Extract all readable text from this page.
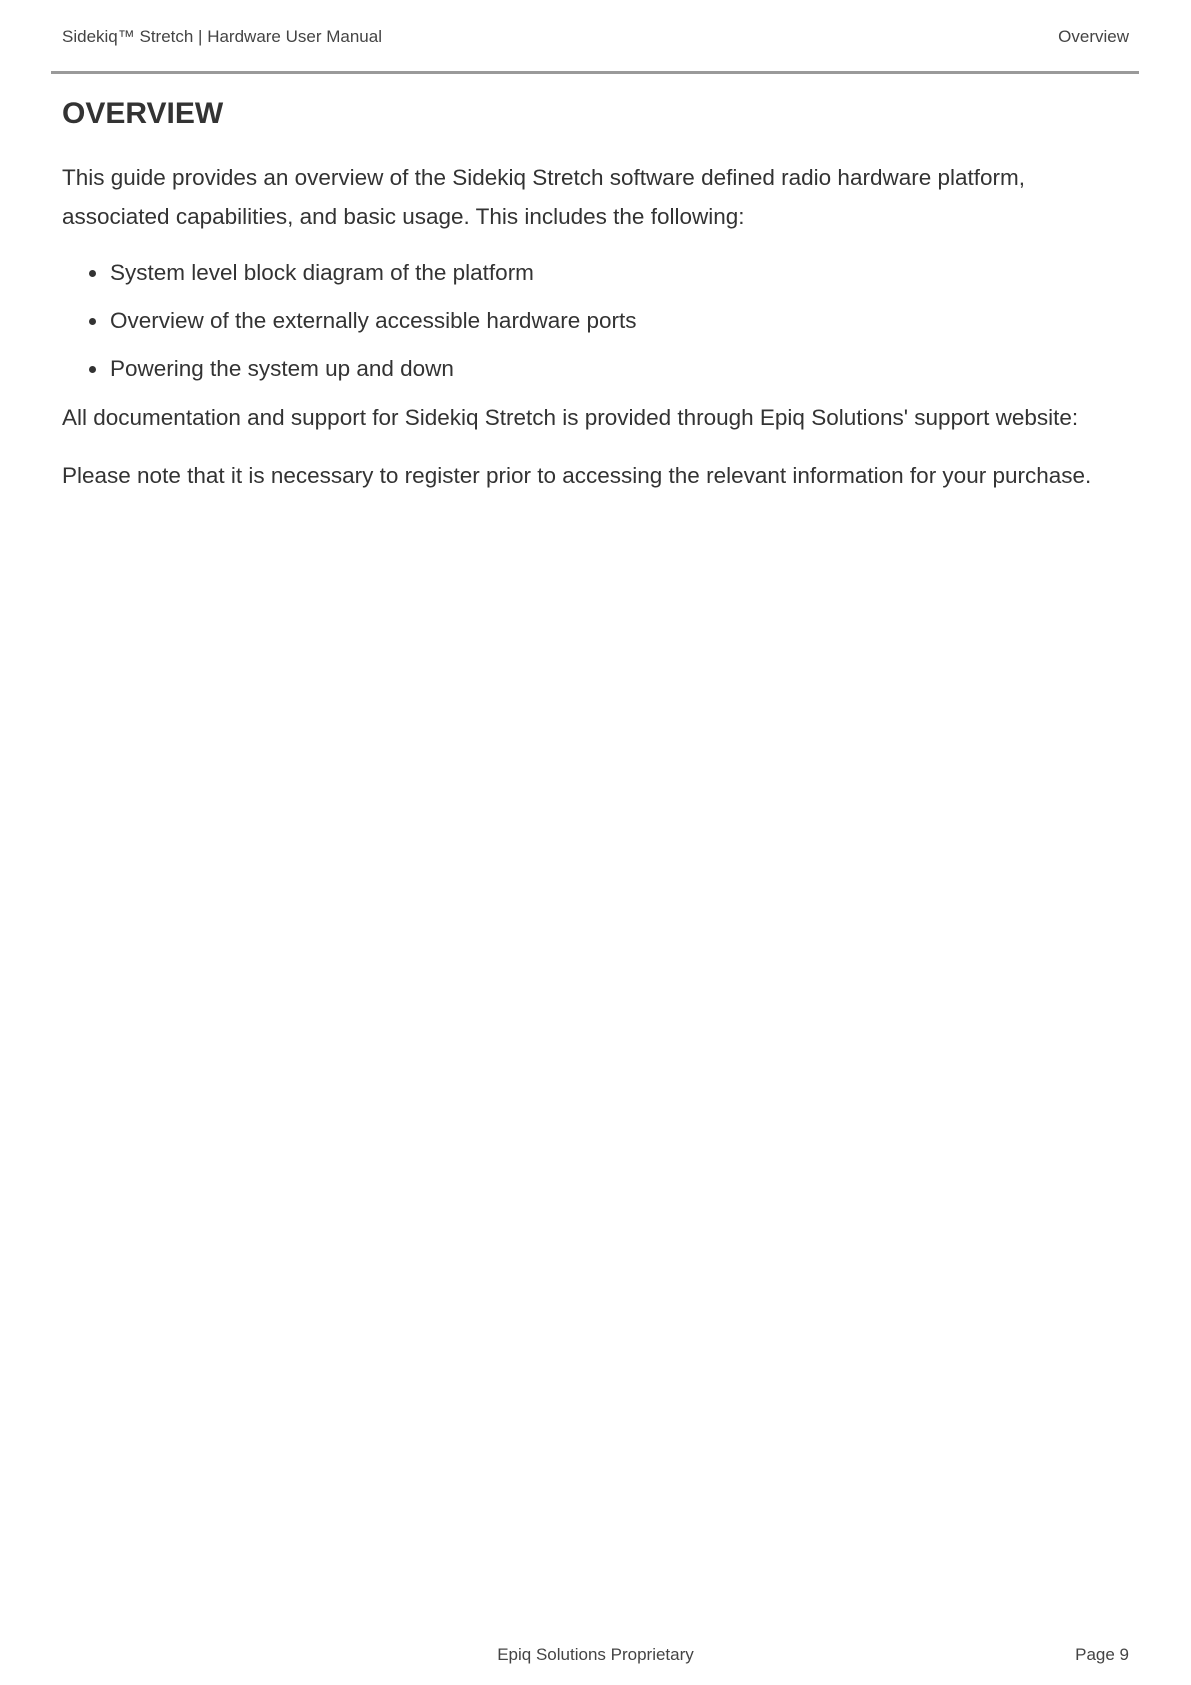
Sidekiq™ Stretch | Hardware User Manual	Overview
OVERVIEW

This guide provides an overview of the Sidekiq Stretch software defined radio hardware platform, associated capabilities, and basic usage. This includes the following:

System level block diagram of the platform
Overview of the externally accessible hardware ports
Powering the system up and down

All documentation and support for Sidekiq Stretch is provided through Epiq Solutions' support website:

Please note that it is necessary to register prior to accessing the relevant information for your purchase.

Epiq Solutions Proprietary	Page 9
